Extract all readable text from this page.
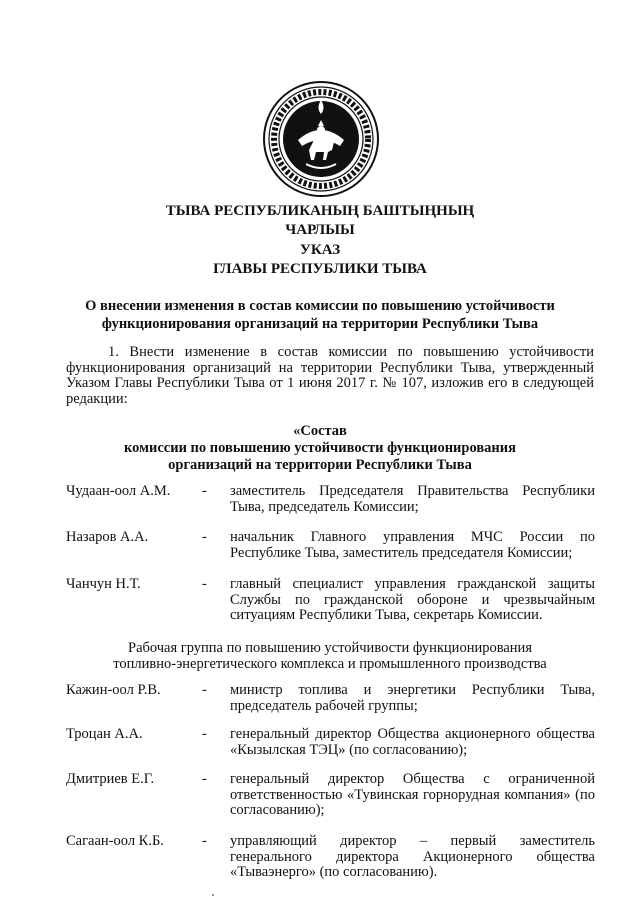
ТЫВА РЕСПУБЛИКАНЫҢ БАШТЫҢНЫҢ
ЧАРЛЫЫ
УКАЗ
ГЛАВЫ РЕСПУБЛИКИ ТЫВА
О внесении изменения в состав комиссии по повышению устойчивости
функционирования организаций на территории Республики Тыва
1. Внести изменение в состав комиссии по повышению устойчивости функционирования организаций на территории Республики Тыва, утвержденный Указом Главы Республики Тыва от 1 июня 2017 г. № 107, изложив его в следующей редакции:
«Состав
комиссии по повышению устойчивости функционирования
организаций на территории Республики Тыва
Чудаан-оол А.М.	-	заместитель Председателя Правительства Республики Тыва, председатель Комиссии;
Назаров А.А.	-	начальник Главного управления МЧС России по Республике Тыва, заместитель председателя Комиссии;
Чанчун Н.Т.	-	главный специалист управления гражданской защиты Службы по гражданской обороне и чрезвычайным ситуациям Республики Тыва, секретарь Комиссии.
Рабочая группа по повышению устойчивости функционирования
топливно-энергетического комплекса и промышленного производства
Кажин-оол Р.В.	-	министр топлива и энергетики Республики Тыва, председатель рабочей группы;
Троцан А.А.	-	генеральный директор Общества акционерного общества «Кызылская ТЭЦ» (по согласованию);
Дмитриев Е.Г.	-	генеральный директор Общества с ограниченной ответственностью «Тувинская горнорудная компания» (по согласованию);
Сагаан-оол К.Б.	-	управляющий директор – первый заместитель генерального директора Акционерного общества «Тываэнерго» (по согласованию).
